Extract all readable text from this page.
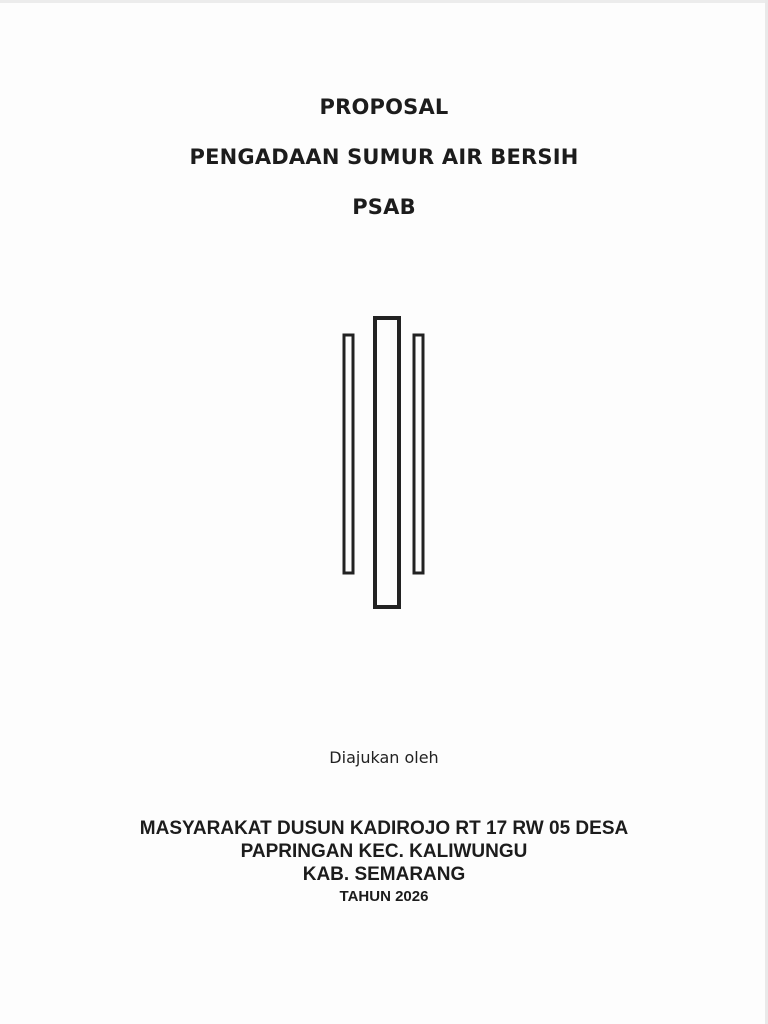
PROPOSAL
PENGADAAN SUMUR AIR BERSIH
PSAB
Diajukan oleh
MASYARAKAT DUSUN KADIROJO RT 17 RW 05 DESA
PAPRINGAN KEC. KALIWUNGU
KAB. SEMARANG
TAHUN 2026
